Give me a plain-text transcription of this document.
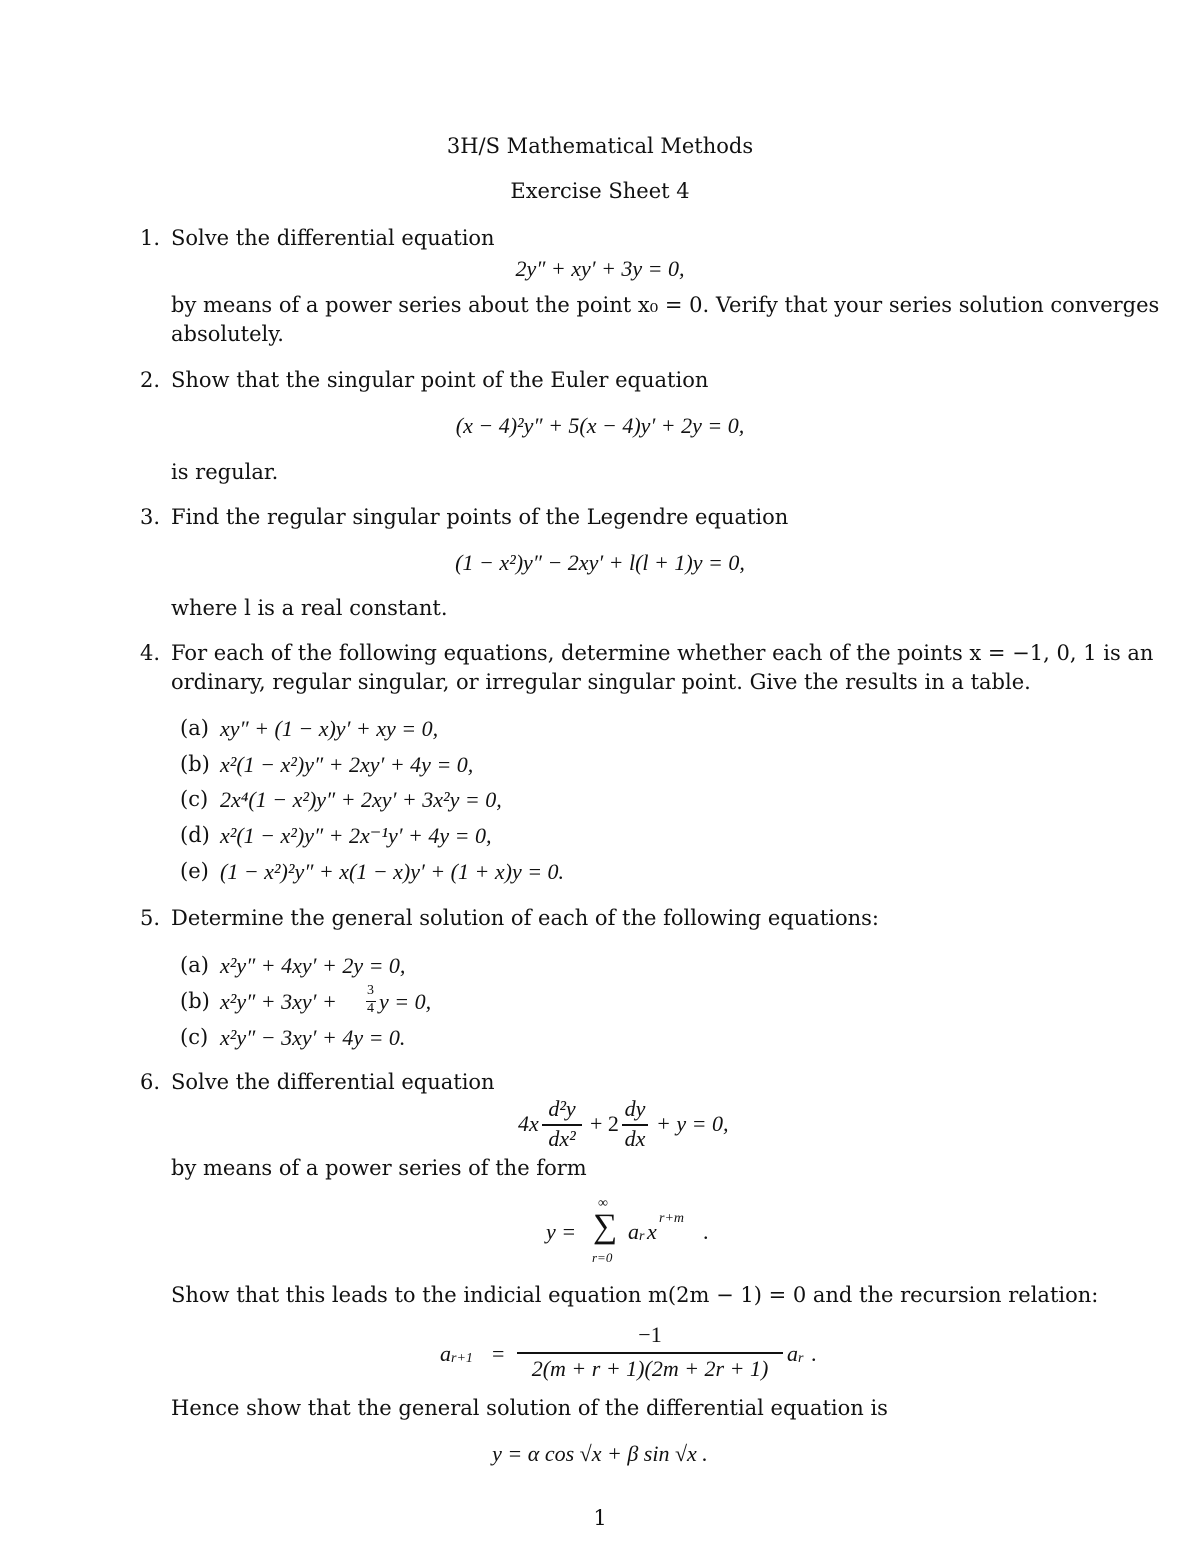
3H/S Mathematical Methods
Exercise Sheet 4
1. Solve the differential equation
2y″ + xy′ + 3y = 0,
by means of a power series about the point x₀ = 0. Verify that your series solution converges
absolutely.
2. Show that the singular point of the Euler equation
(x − 4)²y″ + 5(x − 4)y′ + 2y = 0,
is regular.
3. Find the regular singular points of the Legendre equation
(1 − x²)y″ − 2xy′ + l(l + 1)y = 0,
where l is a real constant.
4. For each of the following equations, determine whether each of the points x = −1, 0, 1 is an
ordinary, regular singular, or irregular singular point. Give the results in a table.
(a) xy″ + (1 − x)y′ + xy = 0,
(b) x²(1 − x²)y″ + 2xy′ + 4y = 0,
(c) 2x⁴(1 − x²)y″ + 2xy′ + 3x²y = 0,
(d) x²(1 − x²)y″ + 2x⁻¹y′ + 4y = 0,
(e) (1 − x²)²y″ + x(1 − x)y′ + (1 + x)y = 0.
5. Determine the general solution of each of the following equations:
(a) x²y″ + 4xy′ + 2y = 0,
(b) x²y″ + 3xy′ + 3
4 y = 0,
(c) x²y″ − 3xy′ + 4y = 0.
6. Solve the differential equation
4x
d²y
dx²
+ 2
dy
dx
+ y = 0,
by means of a power series of the form
y =
∞
∑
r=0
a r x
r+m
.
Show that this leads to the indicial equation m(2m − 1) = 0 and the recursion relation:
a r+1 =
−1
2(m + r + 1)(2m + 2r + 1)
a r .
Hence show that the general solution of the differential equation is
y = α cos √x + β sin √x .
1
